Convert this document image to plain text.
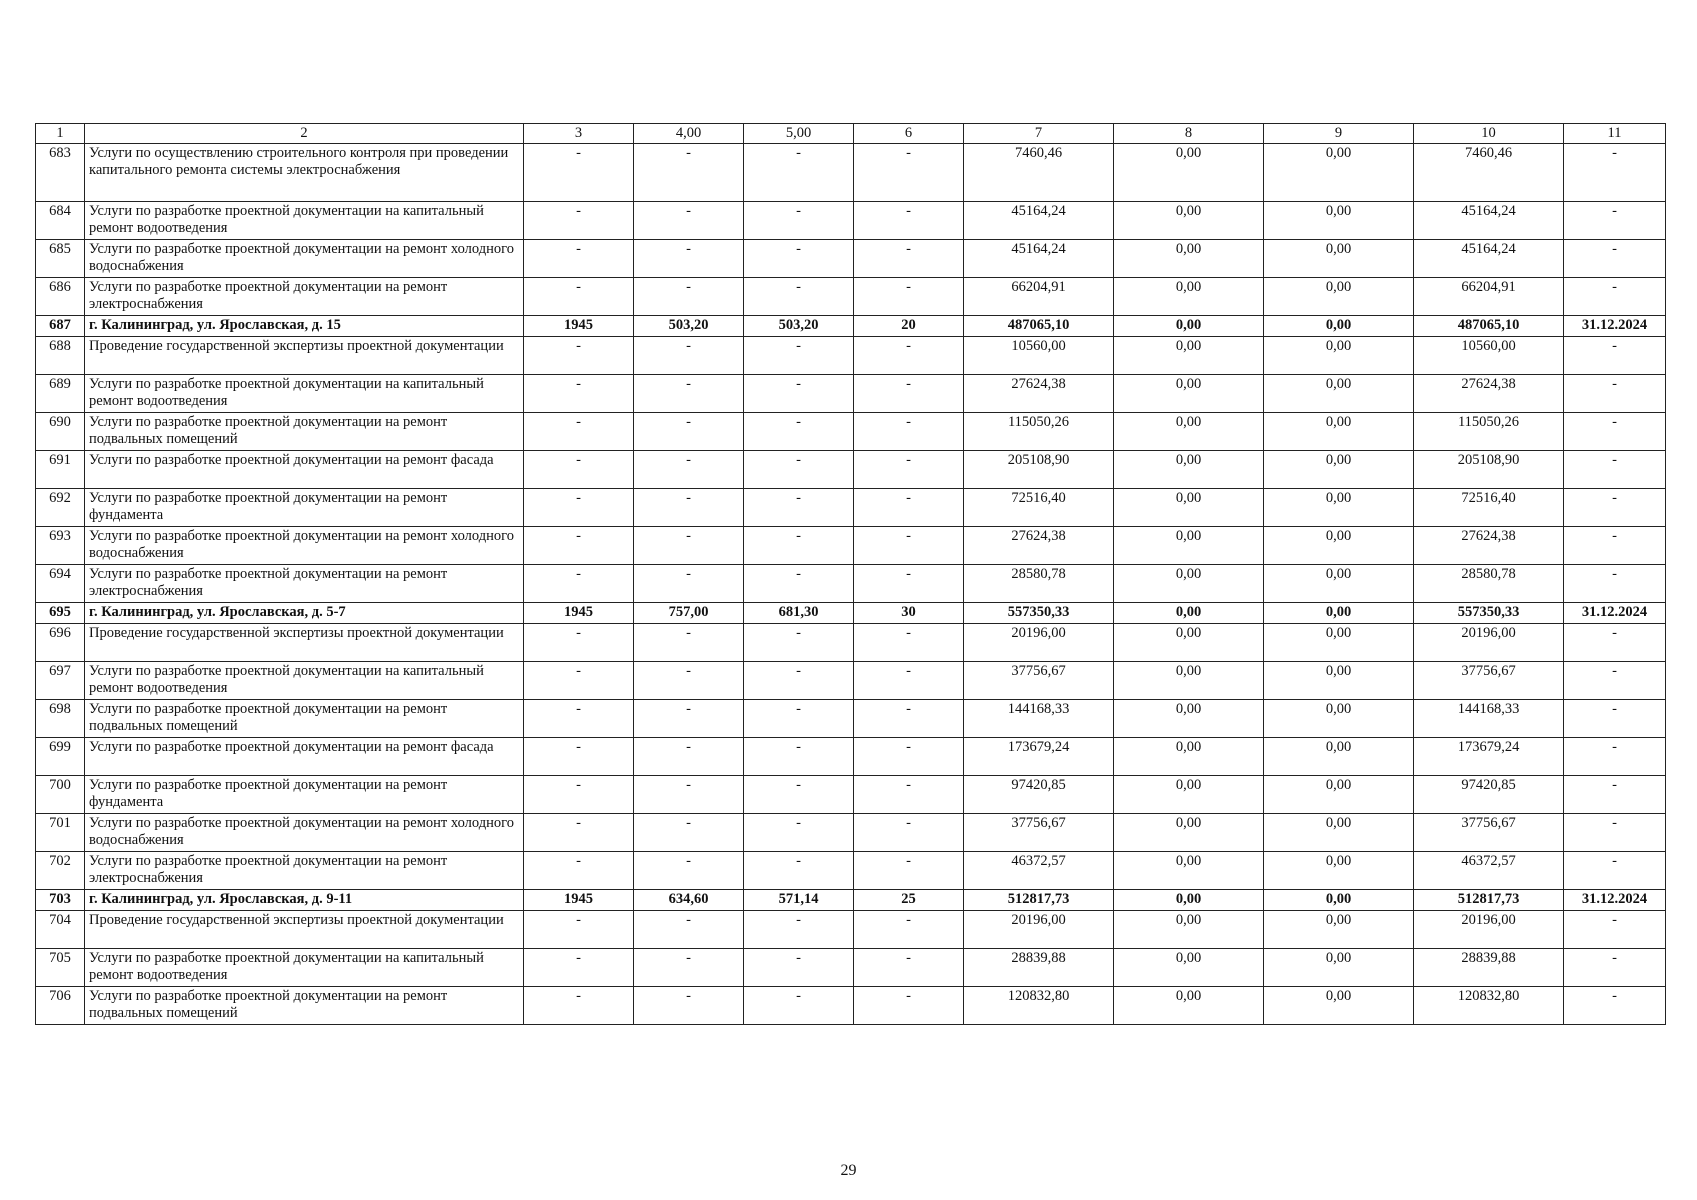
1	2	3	4,00	5,00	6	7	8	9	10	11
683	Услуги по осуществлению строительного контроля при проведении капитального ремонта системы электроснабжения	-	-	-	-	7460,46	0,00	0,00	7460,46	-
684	Услуги по разработке проектной документации на капитальный ремонт водоотведения	-	-	-	-	45164,24	0,00	0,00	45164,24	-
685	Услуги по разработке проектной документации на ремонт холодного водоснабжения	-	-	-	-	45164,24	0,00	0,00	45164,24	-
686	Услуги по разработке проектной документации на ремонт электроснабжения	-	-	-	-	66204,91	0,00	0,00	66204,91	-
687	г. Калининград, ул. Ярославская, д. 15	1945	503,20	503,20	20	487065,10	0,00	0,00	487065,10	31.12.2024
688	Проведение государственной экспертизы проектной документации	-	-	-	-	10560,00	0,00	0,00	10560,00	-
689	Услуги по разработке проектной документации на капитальный ремонт водоотведения	-	-	-	-	27624,38	0,00	0,00	27624,38	-
690	Услуги по разработке проектной документации на ремонт подвальных помещений	-	-	-	-	115050,26	0,00	0,00	115050,26	-
691	Услуги по разработке проектной документации на ремонт фасада	-	-	-	-	205108,90	0,00	0,00	205108,90	-
692	Услуги по разработке проектной документации на ремонт фундамента	-	-	-	-	72516,40	0,00	0,00	72516,40	-
693	Услуги по разработке проектной документации на ремонт холодного водоснабжения	-	-	-	-	27624,38	0,00	0,00	27624,38	-
694	Услуги по разработке проектной документации на ремонт электроснабжения	-	-	-	-	28580,78	0,00	0,00	28580,78	-
695	г. Калининград, ул. Ярославская, д. 5-7	1945	757,00	681,30	30	557350,33	0,00	0,00	557350,33	31.12.2024
696	Проведение государственной экспертизы проектной документации	-	-	-	-	20196,00	0,00	0,00	20196,00	-
697	Услуги по разработке проектной документации на капитальный ремонт водоотведения	-	-	-	-	37756,67	0,00	0,00	37756,67	-
698	Услуги по разработке проектной документации на ремонт подвальных помещений	-	-	-	-	144168,33	0,00	0,00	144168,33	-
699	Услуги по разработке проектной документации на ремонт фасада	-	-	-	-	173679,24	0,00	0,00	173679,24	-
700	Услуги по разработке проектной документации на ремонт фундамента	-	-	-	-	97420,85	0,00	0,00	97420,85	-
701	Услуги по разработке проектной документации на ремонт холодного водоснабжения	-	-	-	-	37756,67	0,00	0,00	37756,67	-
702	Услуги по разработке проектной документации на ремонт электроснабжения	-	-	-	-	46372,57	0,00	0,00	46372,57	-
703	г. Калининград, ул. Ярославская, д. 9-11	1945	634,60	571,14	25	512817,73	0,00	0,00	512817,73	31.12.2024
704	Проведение государственной экспертизы проектной документации	-	-	-	-	20196,00	0,00	0,00	20196,00	-
705	Услуги по разработке проектной документации на капитальный ремонт водоотведения	-	-	-	-	28839,88	0,00	0,00	28839,88	-
706	Услуги по разработке проектной документации на ремонт подвальных помещений	-	-	-	-	120832,80	0,00	0,00	120832,80	-
29
